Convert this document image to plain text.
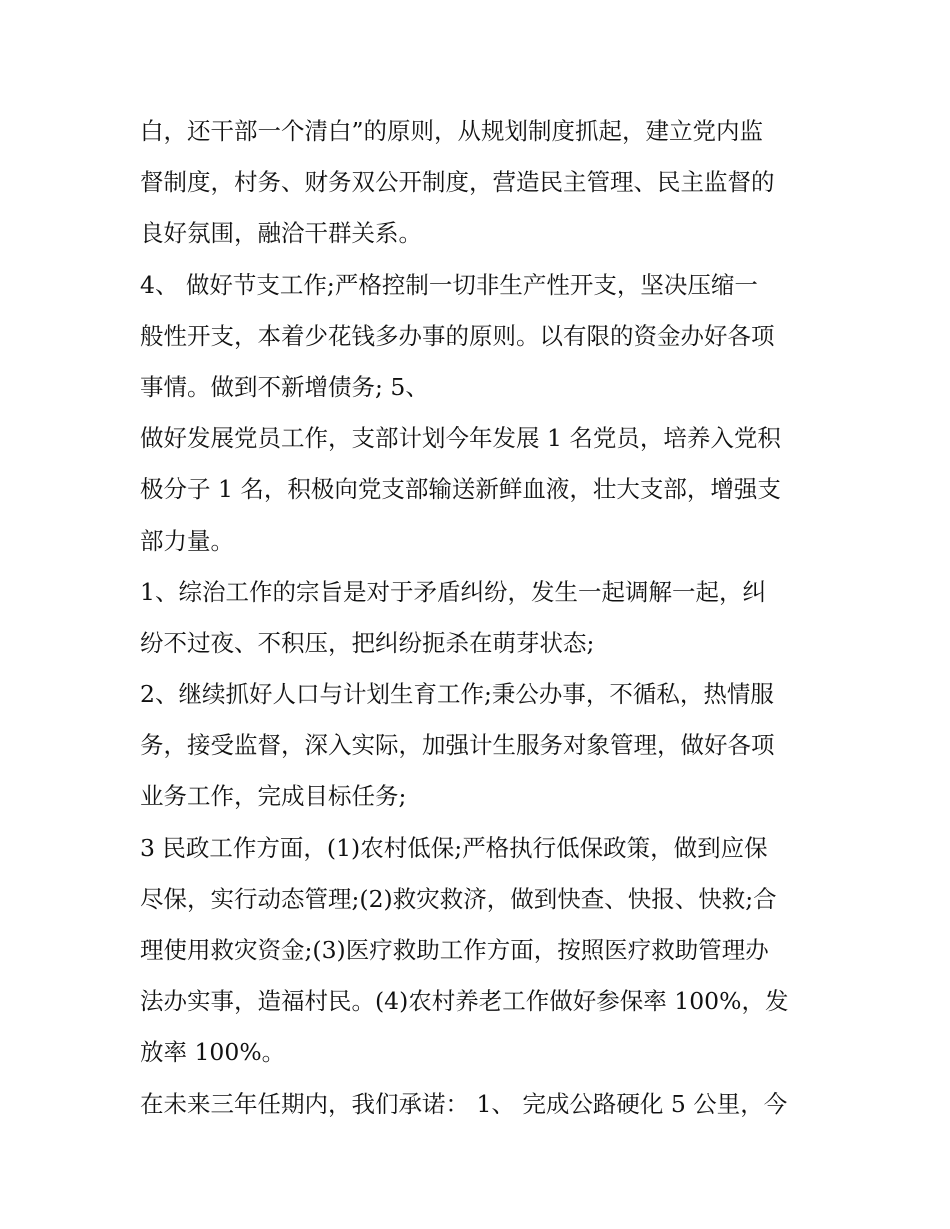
白，还干部一个清白”的原则，从规划制度抓起，建立党内监
督制度，村务、财务双公开制度，营造民主管理、民主监督的
良好氛围，融洽干群关系。
4、 做好节支工作;严格控制一切非生产性开支，坚决压缩一
般性开支，本着少花钱多办事的原则。以有限的资金办好各项
事情。做到不新增债务; 5、
做好发展党员工作，支部计划今年发展 1 名党员，培养入党积
极分子 1 名，积极向党支部输送新鲜血液，壮大支部，增强支
部力量。
1、综治工作的宗旨是对于矛盾纠纷，发生一起调解一起，纠
纷不过夜、不积压，把纠纷扼杀在萌芽状态;
2、继续抓好人口与计划生育工作;秉公办事，不循私，热情服
务，接受监督，深入实际，加强计生服务对象管理，做好各项
业务工作，完成目标任务;
3 民政工作方面，(1)农村低保;严格执行低保政策，做到应保
尽保，实行动态管理;(2)救灾救济，做到快查、快报、快救;合
理使用救灾资金;(3)医疗救助工作方面，按照医疗救助管理办
法办实事，造福村民。(4)农村养老工作做好参保率 100%，发
放率 100%。
在未来三年任期内，我们承诺： 1、 完成公路硬化 5 公里，今
